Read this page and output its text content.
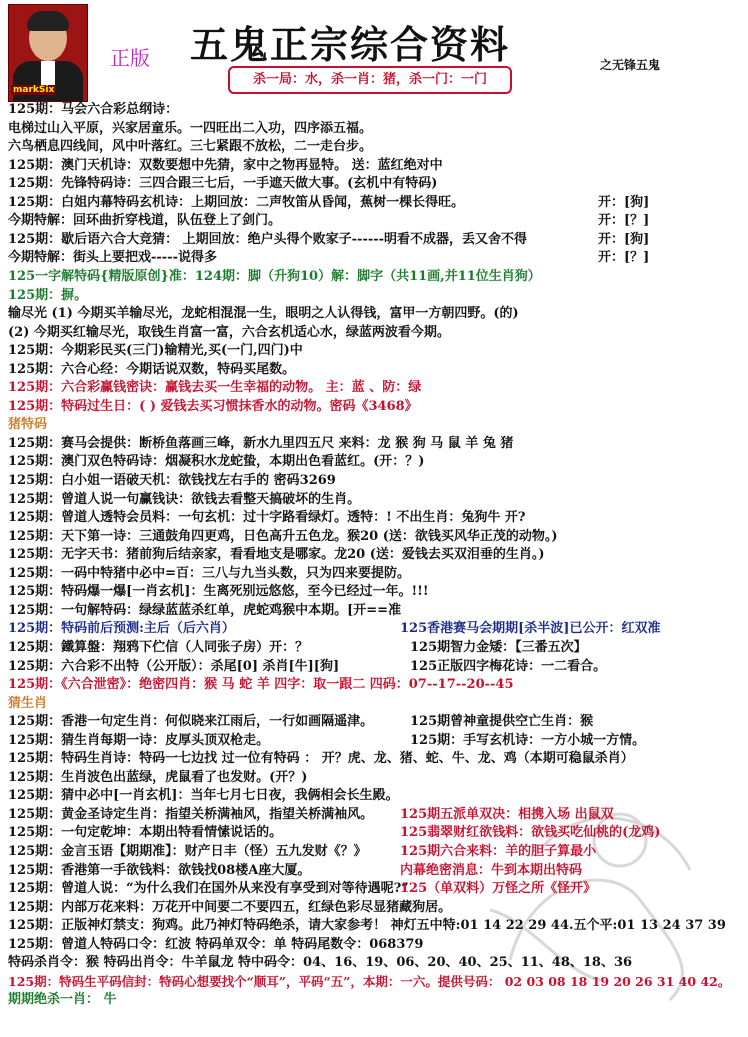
markSix
正版 五鬼正宗综合资料	之无锋五鬼
杀一局：水，杀一肖：猪，杀一门：一门
125期：马会六合彩总纲诗：
电梯过山入平原，兴家居童乐。一四旺出二入功，四序添五福。
六鸟栖息四线间，风中叶落红。三七紧跟不放松，二一走台步。
125期：澳门天机诗：双数要想中先猜，家中之物再显特。 送：蓝红绝对中
125期：先锋特码诗：三四合跟三七后，一手遮天做大事。(玄机中有特码)
125期：白姐内幕特码玄机诗：上期回放：二声牧笛从昏闻，蕉树一棵长得旺。	开：[狗]
今期特解：回环曲折穿栈道，队伍登上了剑门。	开：[？]
125期：歇后语六合大竞猜： 上期回放：绝户头得个败家子------明看不成器，丢又舍不得	开：[狗]
今期特解：街头上要把戏-----说得多	开：[？]
125一字解特码{精版原创}准：124期：脚（升狗10）解：脚字（共11画,并11位生肖狗）
125期：摒。
输尽光 (1) 今期买羊输尽光，龙蛇相混混一生，眼明之人认得钱，富甲一方朝四野。(的)
(2) 今期买红输尽光，取钱生肖富一富，六合玄机适心水，绿蓝两波看今期。
125期：今期彩民买(三门)输精光,买(一门,四门)中
125期：六合心经：今期话说双数，特码买尾数。
125期：六合彩赢钱密诀：赢钱去买一生幸福的动物。 主：蓝 、防：绿
125期：特码过生日：( ) 爱钱去买习惯抹香水的动物。密码《3468》
猪特码
125期：赛马会提供：断桥鱼落画三峰，新水九里四五尺 来料：龙 猴 狗 马 鼠 羊 兔 猪
125期：澳门双色特码诗：烟凝积水龙蛇蛰，本期出色看蓝红。(开：？)
125期：白小姐一语破天机：欲钱找左右手的 密码3269
125期：曾道人说一句赢钱诀：欲钱去看整天搞破坏的生肖。
125期：曾道人透特会员料：一句玄机：过十字路看绿灯。透特：! 不出生肖：兔狗牛 开?
125期：天下第一诗：三通鼓角四更鸡，日色高升五色龙。猴20 (送：欲钱买风华正茂的动物。)
125期：无字天书：猪前狗后结亲家，看看地支是哪家。龙20 (送：爱钱去买双泪垂的生肖。)
125期：一码中特猪中必中=百：三八与九当头数，只为四来要提防。
125期：特码爆一爆[一肖玄机]：生离死别远悠悠，至今已经过一年。!!!
125期：一句解特码：绿绿蓝蓝杀红单，虎蛇鸡猴中本期。[开==准
125期：特码前后预测:主后（后六肖）	125香港赛马会期期[杀半波]已公开：红双准
125期：鐵算盤：翔鸦下伫信（人同张子房）开：？	125期智力金矮：【三番五次】
125期：六合彩不出特（公开版）：杀尾[0] 杀肖[牛][狗]	125正版四字梅花诗：一二看合。
125期：《六合泄密》：绝密四肖：猴 马 蛇 羊 四字：取一跟二 四码：07--17--20--45
猜生肖
125期：香港一句定生肖：何似晓来江雨后，一行如画隔遥津。	125期曾神童提供空亡生肖：猴
125期：猜生肖每期一诗：皮厚头顶双枪走。	125期：手写玄机诗：一方小城一方情。
125期：特码生肖诗：特码一七边找 过一位有特码 ： 开？虎、龙、猪、蛇、牛、龙、鸡（本期可稳鼠杀肖）
125期：生肖波色出蓝绿，虎鼠看了也发财。(开？)
125期：猜中必中[一肖玄机]：当年七月七日夜，我俩相会长生殿。
125期：黄金圣诗定生肖：指望关桥满袖风，指望关桥满袖风。 125期五派单双决：相携入场 出鼠双
125期：一句定乾坤：本期出特看情愫说话的。	125翡翠财红欲钱料：欲钱买吃仙桃的(龙鸡)
125期：金言玉语【期期准】：财产日丰（怪）五九发财《？》	125期六合来料：羊的胆子算最小
125期：香港第一手欲钱料：欲钱找08楼A座大厦。	内幕绝密消息：牛到本期出特码
125期：曾道人说：“为什么我们在国外从来没有享受到对等待遇呢?”
125（单双料）万怪之所《怪开》
125期：内部万花来料：万花开中间要二不要四五，红绿色彩尽显猪藏狗居。
125期：正版神灯禁支：狗鸡。此乃神灯特码绝杀，请大家参考！ 神灯五中特:01 14 22 29 44.五个平:01 13 24 37 39
125期：曾道人特码口令：红波 特码单双令：单 特码尾数令：068379
特码杀肖令：猴 特码出肖令：牛羊鼠龙 特中码令：04、16、19、06、20、40、25、11、48、18、36
125期：特码生平码信封：特码心想要找个“顺耳”，平码“五”，本期：一六。提供号码： 02 03 08 18 19 20 26 31 40 42。
期期绝杀一肖： 牛
